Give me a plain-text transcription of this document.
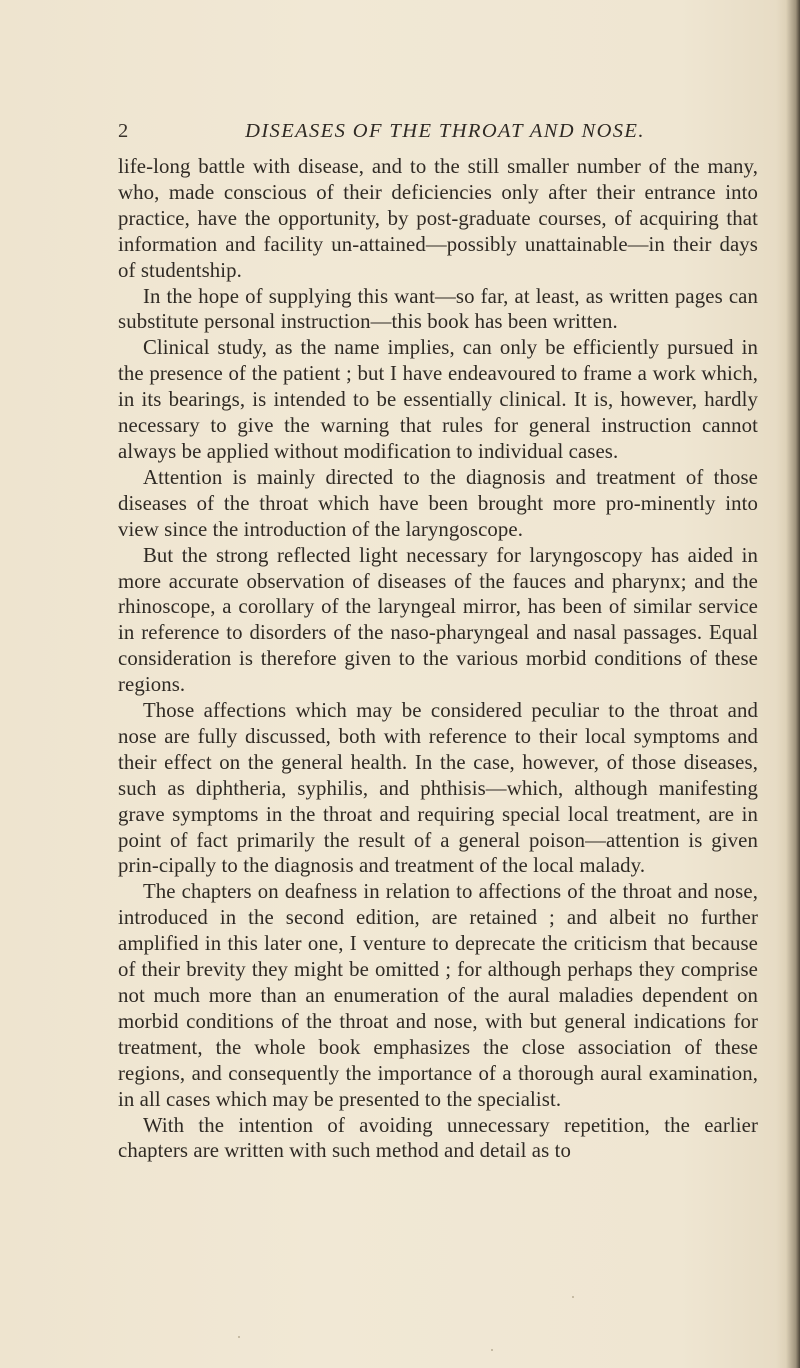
2	DISEASES OF THE THROAT AND NOSE.

life-long battle with disease, and to the still smaller number of the many, who, made conscious of their deficiencies only after their entrance into practice, have the opportunity, by post-graduate courses, of acquiring that information and facility un-attained—possibly unattainable—in their days of studentship.

In the hope of supplying this want—so far, at least, as written pages can substitute personal instruction—this book has been written.

Clinical study, as the name implies, can only be efficiently pursued in the presence of the patient ; but I have endeavoured to frame a work which, in its bearings, is intended to be essentially clinical. It is, however, hardly necessary to give the warning that rules for general instruction cannot always be applied without modification to individual cases.

Attention is mainly directed to the diagnosis and treatment of those diseases of the throat which have been brought more pro-minently into view since the introduction of the laryngoscope.

But the strong reflected light necessary for laryngoscopy has aided in more accurate observation of diseases of the fauces and pharynx; and the rhinoscope, a corollary of the laryngeal mirror, has been of similar service in reference to disorders of the naso-pharyngeal and nasal passages. Equal consideration is therefore given to the various morbid conditions of these regions.

Those affections which may be considered peculiar to the throat and nose are fully discussed, both with reference to their local symptoms and their effect on the general health. In the case, however, of those diseases, such as diphtheria, syphilis, and phthisis—which, although manifesting grave symptoms in the throat and requiring special local treatment, are in point of fact primarily the result of a general poison—attention is given prin-cipally to the diagnosis and treatment of the local malady.

The chapters on deafness in relation to affections of the throat and nose, introduced in the second edition, are retained ; and albeit no further amplified in this later one, I venture to deprecate the criticism that because of their brevity they might be omitted ; for although perhaps they comprise not much more than an enumeration of the aural maladies dependent on morbid conditions of the throat and nose, with but general indications for treatment, the whole book emphasizes the close association of these regions, and consequently the importance of a thorough aural examination, in all cases which may be presented to the specialist.

With the intention of avoiding unnecessary repetition, the earlier chapters are written with such method and detail as to
